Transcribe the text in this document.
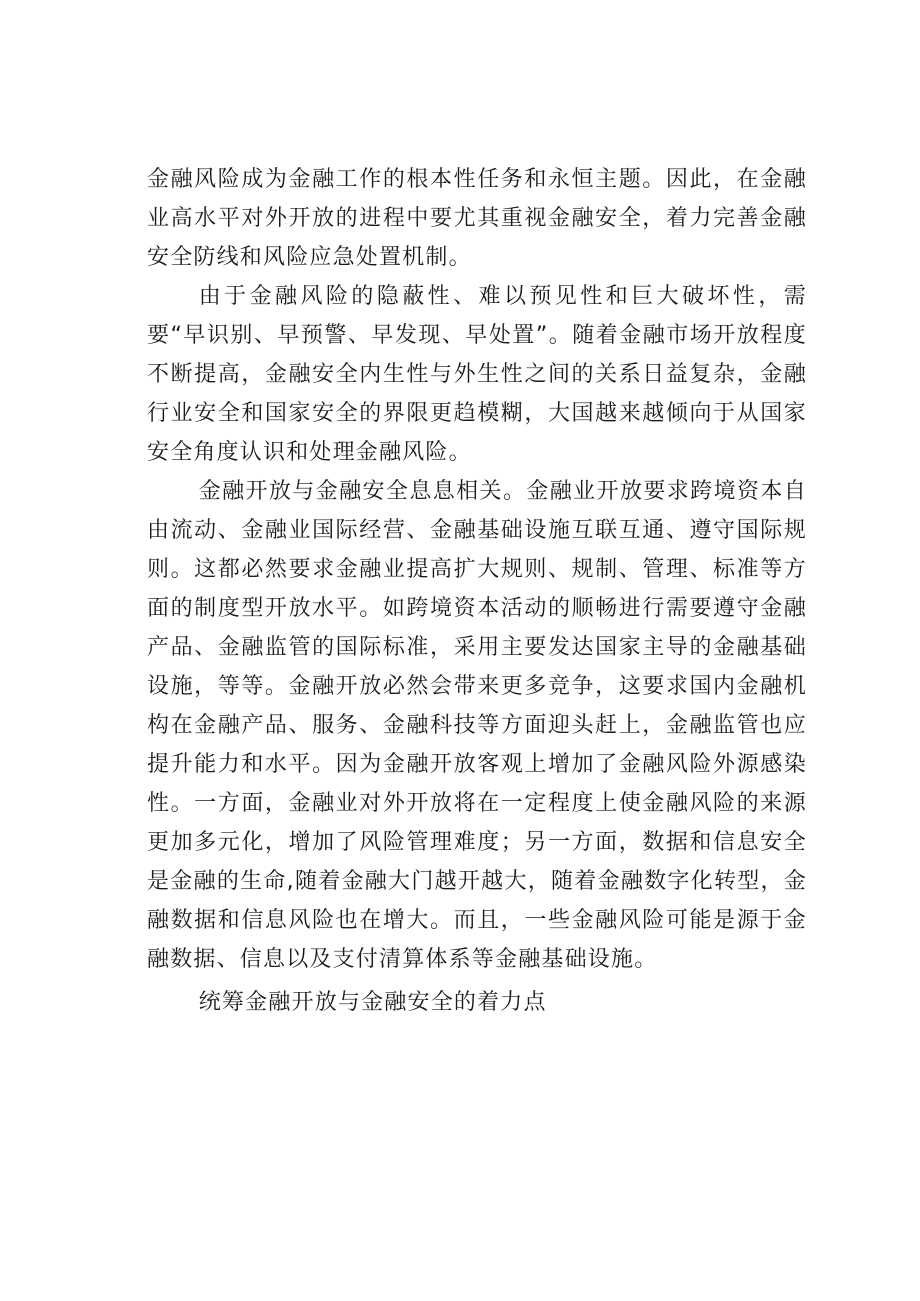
金融风险成为金融工作的根本性任务和永恒主题。因此，在金融业高水平对外开放的进程中要尤其重视金融安全，着力完善金融安全防线和风险应急处置机制。

由于金融风险的隐蔽性、难以预见性和巨大破坏性，需要“早识别、早预警、早发现、早处置”。随着金融市场开放程度不断提高，金融安全内生性与外生性之间的关系日益复杂，金融行业安全和国家安全的界限更趋模糊，大国越来越倾向于从国家安全角度认识和处理金融风险。

金融开放与金融安全息息相关。金融业开放要求跨境资本自由流动、金融业国际经营、金融基础设施互联互通、遵守国际规则。这都必然要求金融业提高扩大规则、规制、管理、标准等方面的制度型开放水平。如跨境资本活动的顺畅进行需要遵守金融产品、金融监管的国际标准，采用主要发达国家主导的金融基础设施，等等。金融开放必然会带来更多竞争，这要求国内金融机构在金融产品、服务、金融科技等方面迎头赶上，金融监管也应提升能力和水平。因为金融开放客观上增加了金融风险外源感染性。一方面，金融业对外开放将在一定程度上使金融风险的来源更加多元化，增加了风险管理难度；另一方面，数据和信息安全是金融的生命,随着金融大门越开越大，随着金融数字化转型，金融数据和信息风险也在增大。而且，一些金融风险可能是源于金融数据、信息以及支付清算体系等金融基础设施。

统筹金融开放与金融安全的着力点
